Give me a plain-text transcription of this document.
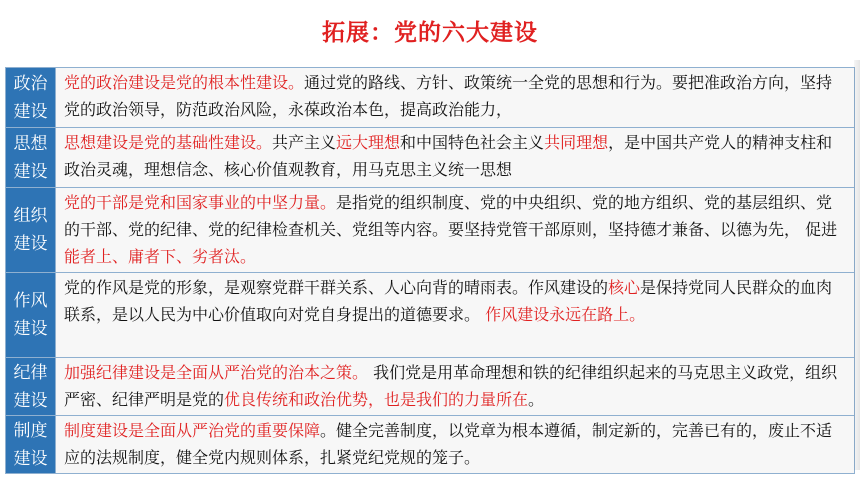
拓展：党的六大建设
政治建设
党的政治建设是党的根本性建设。通过党的路线、方针、政策统一全党的思想和行为。要把准政治方向，坚持党的政治领导，防范政治风险，永葆政治本色，提高政治能力，
思想建设
思想建设是党的基础性建设。共产主义远大理想和中国特色社会主义共同理想，是中国共产党人的精神支柱和政治灵魂，理想信念、核心价值观教育，用马克思主义统一思想
组织建设
党的干部是党和国家事业的中坚力量。是指党的组织制度、党的中央组织、党的地方组织、党的基层组织、党的干部、党的纪律、党的纪律检查机关、党组等内容。要坚持党管干部原则，坚持德才兼备、以德为先， 促进能者上、庸者下、劣者汰。
作风建设
党的作风是党的形象，是观察党群干群关系、人心向背的晴雨表。作风建设的核心是保持党同人民群众的血肉联系，是以人民为中心价值取向对党自身提出的道德要求。 作风建设永远在路上。
纪律建设
加强纪律建设是全面从严治党的治本之策。 我们党是用革命理想和铁的纪律组织起来的马克思主义政党，组织严密、纪律严明是党的优良传统和政治优势，也是我们的力量所在。
制度建设
制度建设是全面从严治党的重要保障。健全完善制度，以党章为根本遵循，制定新的，完善已有的，废止不适应的法规制度，健全党内规则体系，扎紧党纪党规的笼子。
